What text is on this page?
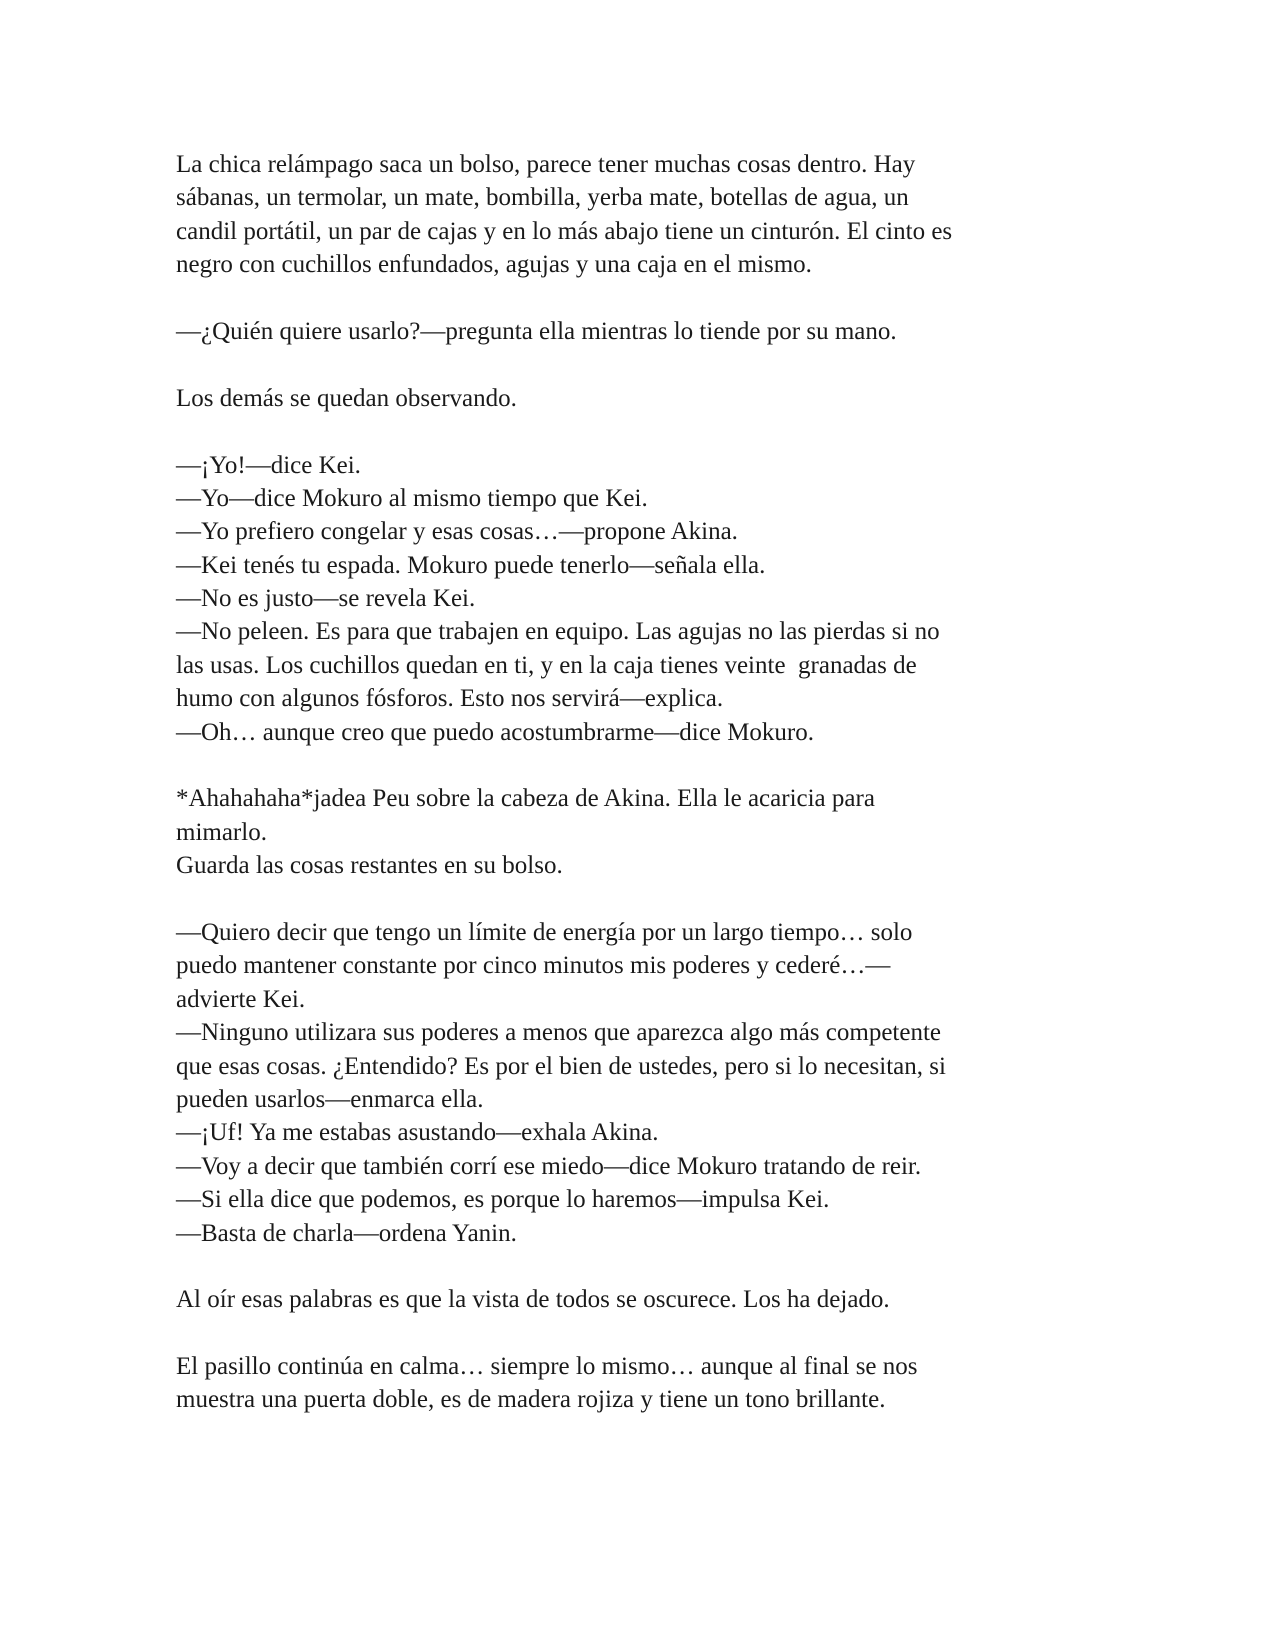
La chica relámpago saca un bolso, parece tener muchas cosas dentro. Hay
sábanas, un termolar, un mate, bombilla, yerba mate, botellas de agua, un
candil portátil, un par de cajas y en lo más abajo tiene un cinturón. El cinto es
negro con cuchillos enfundados, agujas y una caja en el mismo.
—¿Quién quiere usarlo?—pregunta ella mientras lo tiende por su mano.
Los demás se quedan observando.
—¡Yo!—dice Kei.
—Yo—dice Mokuro al mismo tiempo que Kei.
—Yo prefiero congelar y esas cosas…—propone Akina.
—Kei tenés tu espada. Mokuro puede tenerlo—señala ella.
—No es justo—se revela Kei.
—No peleen. Es para que trabajen en equipo. Las agujas no las pierdas si no
las usas. Los cuchillos quedan en ti, y en la caja tienes veinte  granadas de
humo con algunos fósforos. Esto nos servirá—explica.
—Oh… aunque creo que puedo acostumbrarme—dice Mokuro.
*Ahahahaha*jadea Peu sobre la cabeza de Akina. Ella le acaricia para
mimarlo.
Guarda las cosas restantes en su bolso.
—Quiero decir que tengo un límite de energía por un largo tiempo… solo
puedo mantener constante por cinco minutos mis poderes y cederé…—
advierte Kei.
—Ninguno utilizara sus poderes a menos que aparezca algo más competente
que esas cosas. ¿Entendido? Es por el bien de ustedes, pero si lo necesitan, si
pueden usarlos—enmarca ella.
—¡Uf! Ya me estabas asustando—exhala Akina.
—Voy a decir que también corrí ese miedo—dice Mokuro tratando de reir.
—Si ella dice que podemos, es porque lo haremos—impulsa Kei.
—Basta de charla—ordena Yanin.
Al oír esas palabras es que la vista de todos se oscurece. Los ha dejado.
El pasillo continúa en calma… siempre lo mismo… aunque al final se nos
muestra una puerta doble, es de madera rojiza y tiene un tono brillante.
